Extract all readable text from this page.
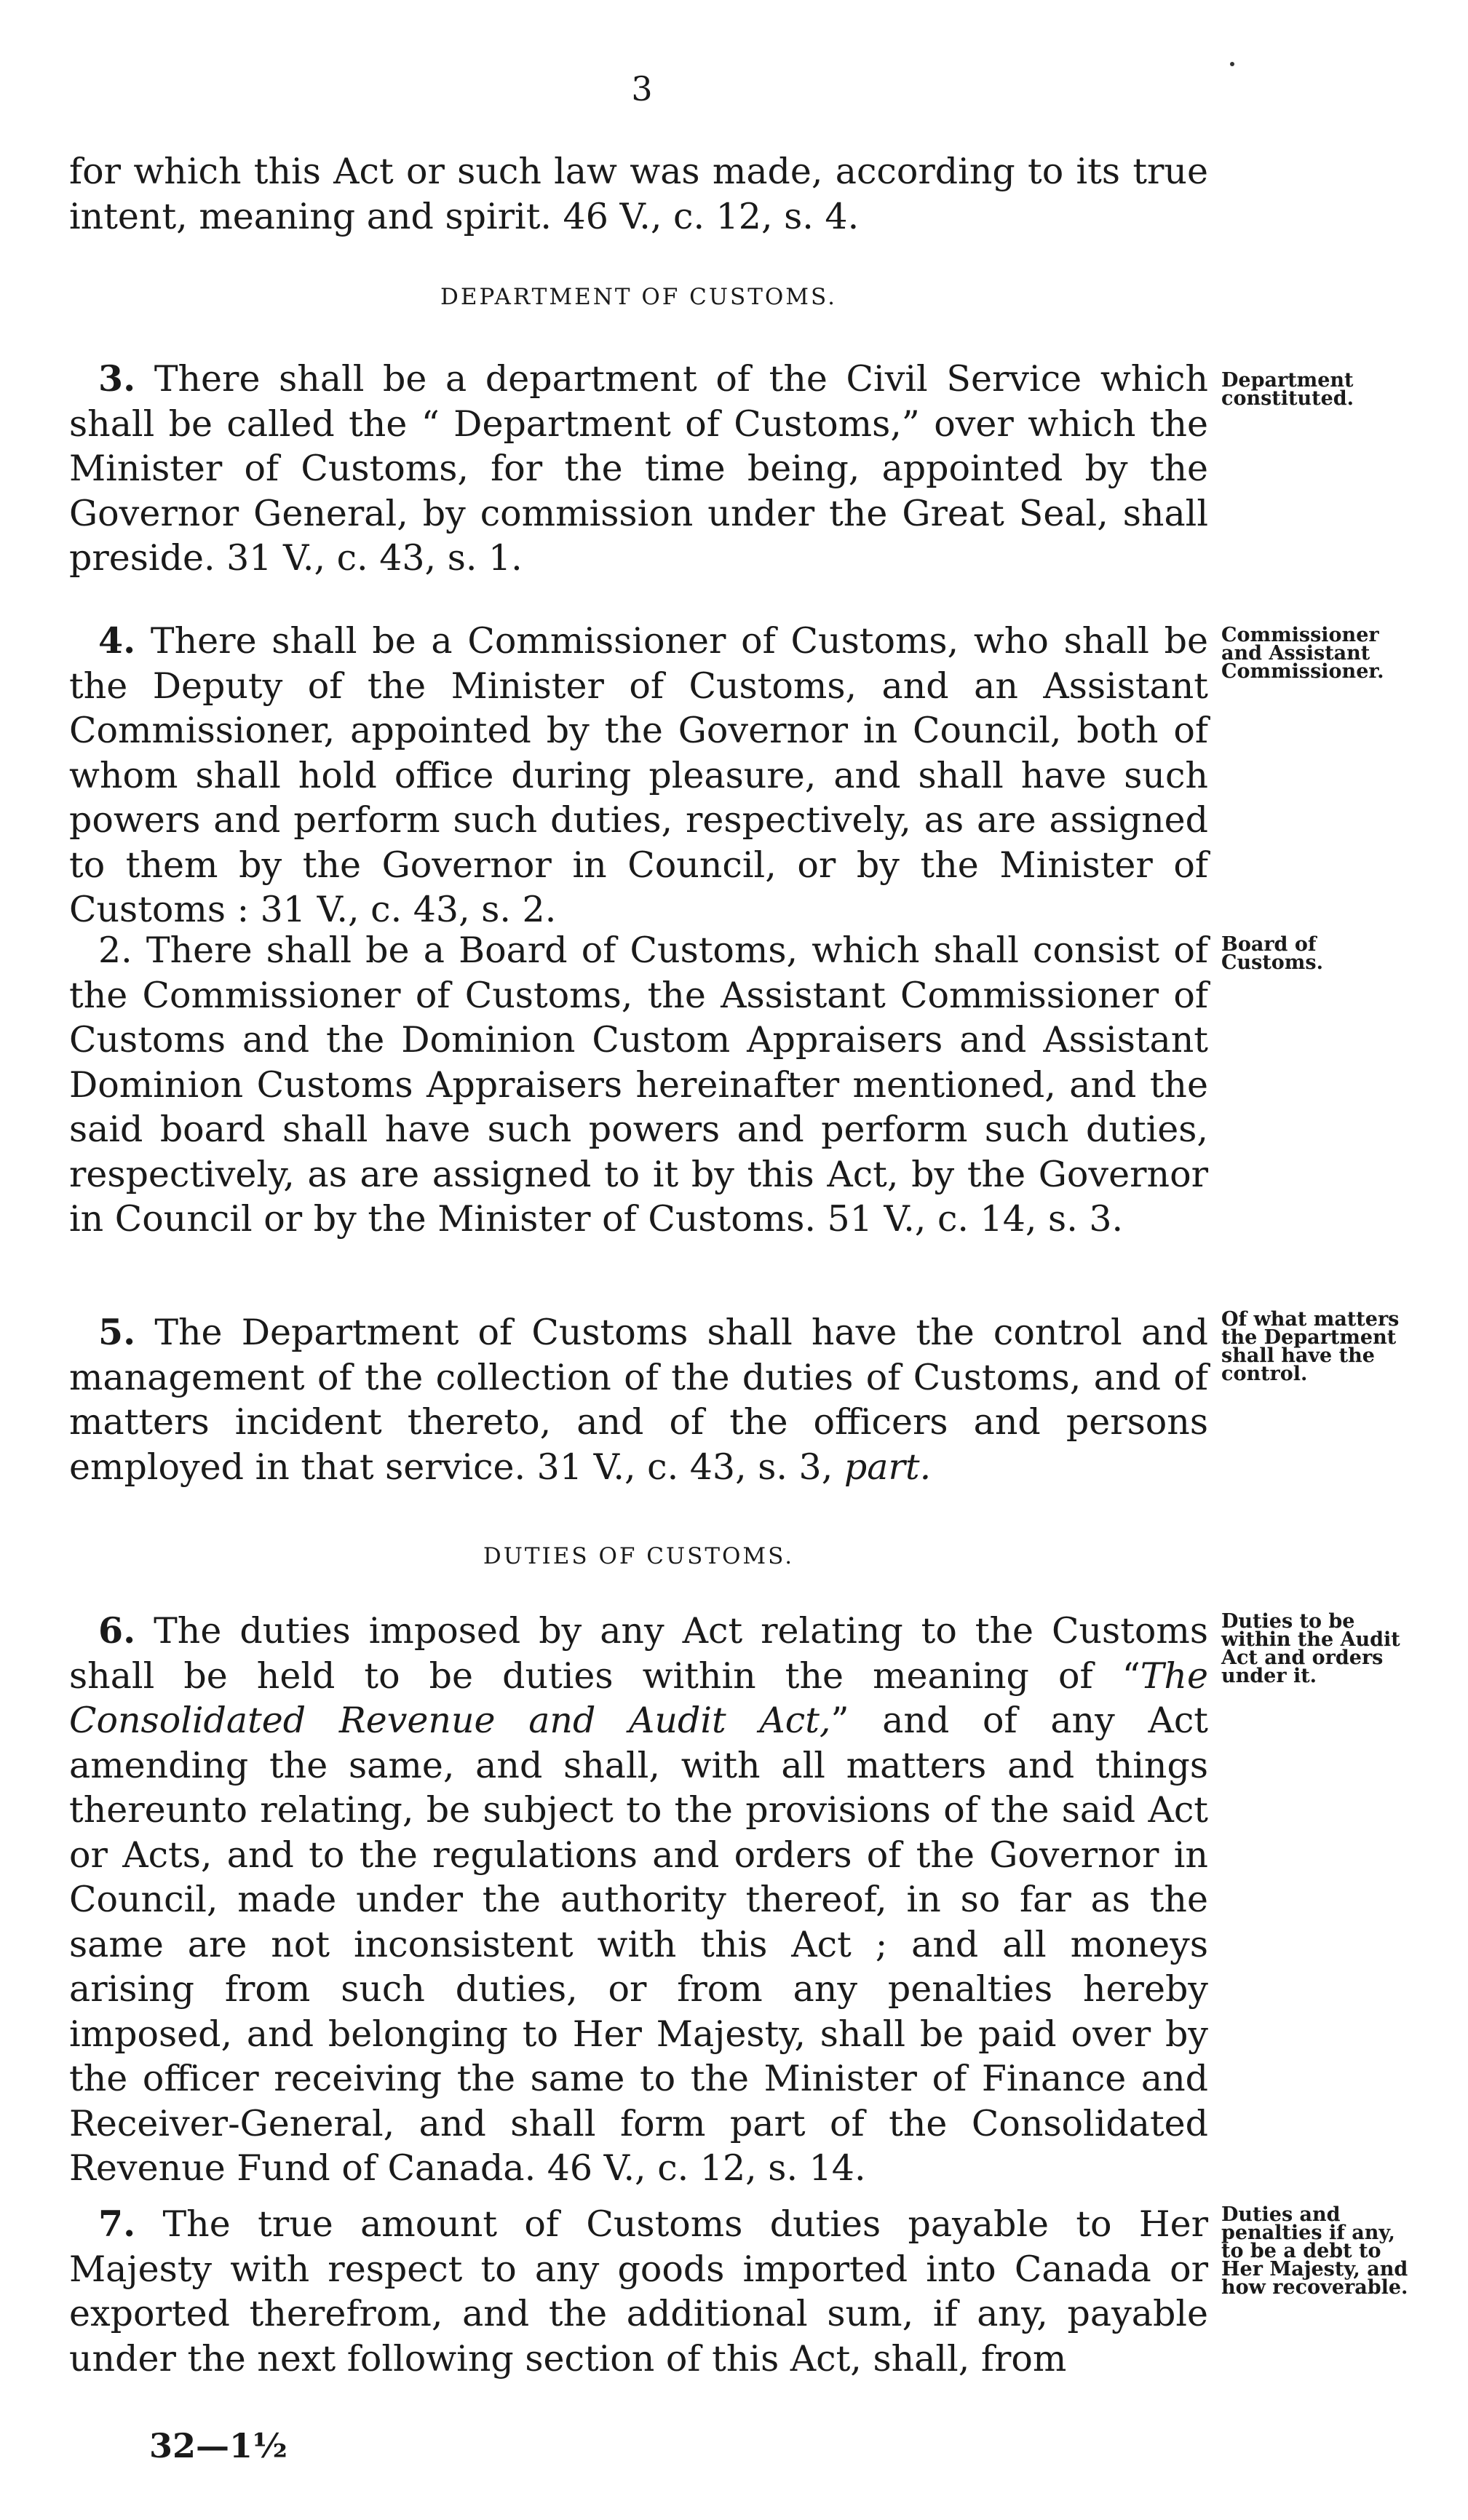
3

for which this Act or such law was made, according to its true intent, meaning and spirit. 46 V., c. 12, s. 4.

DEPARTMENT OF CUSTOMS.

3. There shall be a department of the Civil Service which shall be called the “ Department of Customs,” over which the Minister of Customs, for the time being, appointed by the Governor General, by commission under the Great Seal, shall preside. 31 V., c. 43, s. 1.

Department constituted.

4. There shall be a Commissioner of Customs, who shall be the Deputy of the Minister of Customs, and an Assistant Commissioner, appointed by the Governor in Council, both of whom shall hold office during pleasure, and shall have such powers and perform such duties, respectively, as are assigned to them by the Governor in Council, or by the Minister of Customs : 31 V., c. 43, s. 2.

Commissioner and Assistant Commissioner.

2. There shall be a Board of Customs, which shall consist of the Commissioner of Customs, the Assistant Commissioner of Customs and the Dominion Custom Appraisers and Assistant Dominion Customs Appraisers hereinafter mentioned, and the said board shall have such powers and perform such duties, respectively, as are assigned to it by this Act, by the Governor in Council or by the Minister of Customs. 51 V., c. 14, s. 3.

Board of Customs.

5. The Department of Customs shall have the control and management of the collection of the duties of Customs, and of matters incident thereto, and of the officers and persons employed in that service. 31 V., c. 43, s. 3, part.

Of what matters the Department shall have the control.
DUTIES OF CUSTOMS.

6. The duties imposed by any Act relating to the Customs shall be held to be duties within the meaning of “The Consolidated Revenue and Audit Act,” and of any Act amending the same, and shall, with all matters and things thereunto relating, be subject to the provisions of the said Act or Acts, and to the regulations and orders of the Governor in Council, made under the authority thereof, in so far as the same are not inconsistent with this Act ; and all moneys arising from such duties, or from any penalties hereby imposed, and belonging to Her Majesty, shall be paid over by the officer receiving the same to the Minister of Finance and Receiver-General, and shall form part of the Consolidated Revenue Fund of Canada. 46 V., c. 12, s. 14.

Duties to be within the Audit Act and orders under it.

7. The true amount of Customs duties payable to Her Majesty with respect to any goods imported into Canada or exported therefrom, and the additional sum, if any, payable under the next following section of this Act, shall, from

Duties and penalties if any, to be a debt to Her Majesty, and how recoverable.
32—1½
